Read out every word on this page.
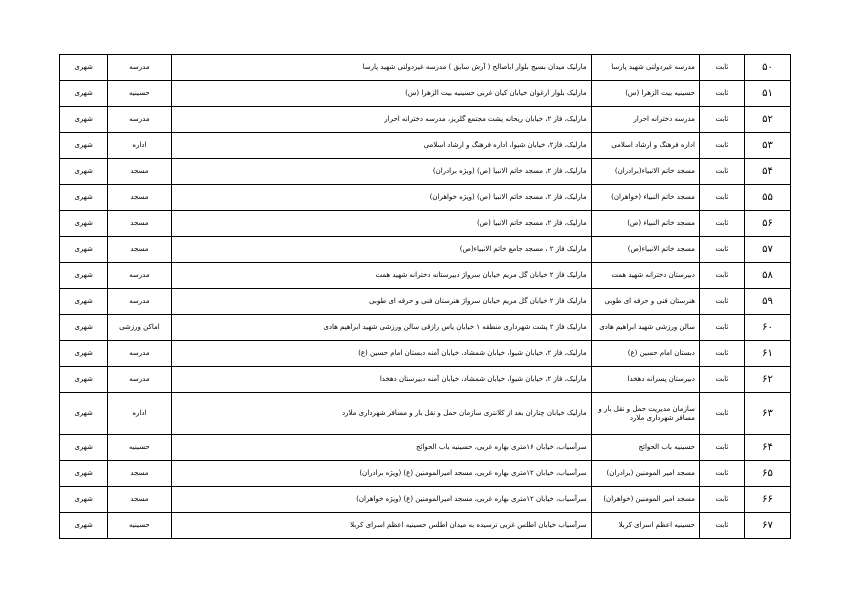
۵۰	ثابت	مدرسه غیردولتی شهید پارسا	مارلیک میدان بسیج بلوار اباصالح ( آرش سابق ) مدرسه غیردولتی شهید پارسا	مدرسه	شهری
۵۱	ثابت	حسینیه بیت الزهرا (س)	مارلیک بلوار ارغوان خیابان کیان غربی حسینیه بیت الزهرا (س)	حسینیه	شهری
۵۲	ثابت	مدرسه دخترانه احرار	مارلیک، فاز ۲، خیابان ریحانه پشت مجتمع گلریز، مدرسه دخترانه احرار	مدرسه	شهری
۵۳	ثابت	اداره فرهنگ و ارشاد اسلامی	مارلیک، فاز۲، خیابان شیوا، اداره فرهنگ و ارشاد اسلامی	اداره	شهری
۵۴	ثابت	مسجد خاتم الانبیاء(برادران)	مارلیک، فاز ۲، مسجد خاتم الانبیا (ص) (ویژه برادران)	مسجد	شهری
۵۵	ثابت	مسجد خاتم النبیاء (خواهران)	مارلیک، فاز ۲، مسجد خاتم الانبیا (ص) (ویژه خواهران)	مسجد	شهری
۵۶	ثابت	مسجد خاتم النبیاء (ص)	مارلیک، فاز ۲، مسجد خاتم الانبیا (ص)	مسجد	شهری
۵۷	ثابت	مسجد خاتم الانبیاء(ص)	مارلیک فاز ۲ ، مسجد جامع خاتم الانبیاء(ص)	مسجد	شهری
۵۸	ثابت	دبیرستان دخترانه شهید همت	مارلیک فاز ۲ خیابان گل مریم خیابان سرواژ دبیرستانه دخترانه شهید همت	مدرسه	شهری
۵۹	ثابت	هنرستان فنی و حرفه ای طوبی	مارلیک فاز ۲ خیابان گل مریم خیابان سرواژ هنرستان فنی و حرفه ای طوبی	مدرسه	شهری
۶۰	ثابت	سالن ورزشی شهید ابراهیم هادی	مارلیک فاز ۲ پشت شهرداری منطقه ۱ خیابان یاس رازقی سالن ورزشی شهید ابراهیم هادی	اماکن ورزشی	شهری
۶۱	ثابت	دبستان امام حسین (ع)	مارلیک، فاز ۲، خیابان شیوا، خیابان شمشاد، خیابان آمنه دبستان امام حسین (ع)	مدرسه	شهری
۶۲	ثابت	دبیرستان پسرانه دهخدا	مارلیک، فاز ۲، خیابان شیوا، خیابان شمشاد، خیابان آمنه دبیرستان دهخدا	مدرسه	شهری
۶۳	ثابت	سازمان مدیریت حمل و نقل بار و مسافر شهرداری ملارد	مارلیک خیابان چناران بعد از کلانتری سازمان حمل و نقل بار و مسافر شهرداری ملارد	اداره	شهری
۶۴	ثابت	حسینیه باب الحوائج	سرآسیاب، خیابان ۱۶متری بهاره غربی، حسینیه باب الحوائج	حسینیه	شهری
۶۵	ثابت	مسجد امیر المومنین (برادران)	سرآسیاب، خیابان ۱۲متری بهاره غربی، مسجد امیرالمومنین (ع) (ویژه برادران)	مسجد	شهری
۶۶	ثابت	مسجد امیر المومنین (خواهران)	سرآسیاب، خیابان ۱۲متری بهاره غربی، مسجد امیرالمومنین (ع) (ویژه خواهران)	مسجد	شهری
۶۷	ثابت	حسینیه اعظم اسرای کربلا	سرآسیاب خیابان اطلس غربی نرسیده به میدان اطلس حسینیه اعظم اسرای کربلا	حسینیه	شهری
